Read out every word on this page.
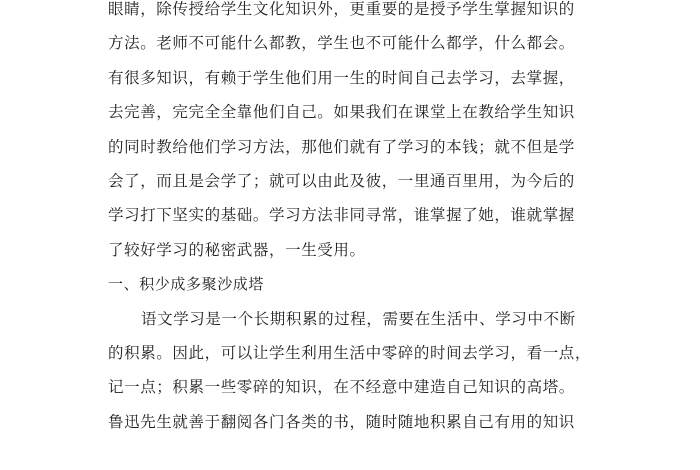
眼睛，除传授给学生文化知识外，更重要的是授予学生掌握知识的
方法。老师不可能什么都教，学生也不可能什么都学，什么都会。
有很多知识，有赖于学生他们用一生的时间自己去学习，去掌握，
去完善，完完全全靠他们自己。如果我们在课堂上在教给学生知识
的同时教给他们学习方法，那他们就有了学习的本钱；就不但是学
会了，而且是会学了；就可以由此及彼，一里通百里用，为今后的
学习打下坚实的基础。学习方法非同寻常，谁掌握了她，谁就掌握
了较好学习的秘密武器，一生受用。
一、积少成多聚沙成塔
语文学习是一个长期积累的过程，需要在生活中、学习中不断
的积累。因此，可以让学生利用生活中零碎的时间去学习，看一点，
记一点；积累一些零碎的知识，在不经意中建造自己知识的高塔。
鲁迅先生就善于翻阅各门各类的书，随时随地积累自己有用的知识
